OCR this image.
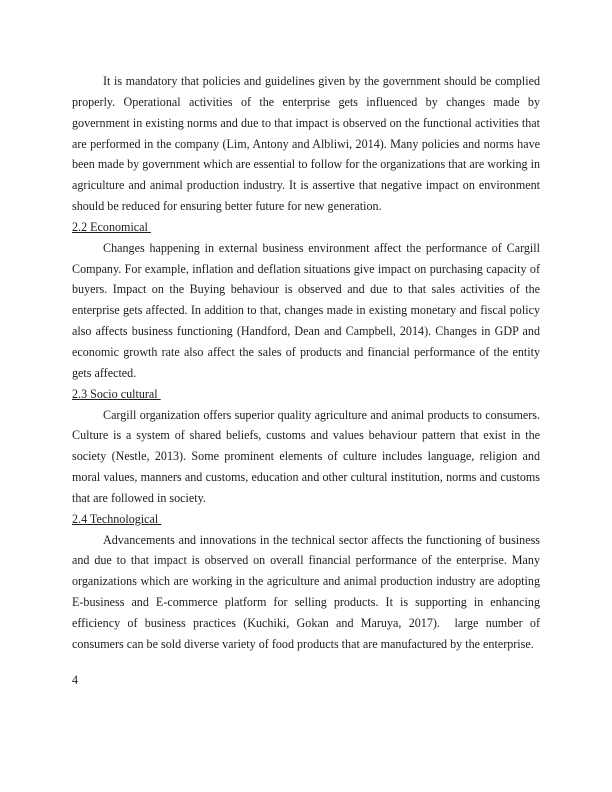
It is mandatory that policies and guidelines given by the government should be complied properly. Operational activities of the enterprise gets influenced by changes made by government in existing norms and due to that impact is observed on the functional activities that are performed in the company (Lim, Antony and Albliwi, 2014). Many policies and norms have been made by government which are essential to follow for the organizations that are working in agriculture and animal production industry. It is assertive that negative impact on environment should be reduced for ensuring better future for new generation.

2.2 Economical

Changes happening in external business environment affect the performance of Cargill Company. For example, inflation and deflation situations give impact on purchasing capacity of buyers. Impact on the Buying behaviour is observed and due to that sales activities of the enterprise gets affected. In addition to that, changes made in existing monetary and fiscal policy also affects business functioning (Handford, Dean and Campbell, 2014). Changes in GDP and economic growth rate also affect the sales of products and financial performance of the entity gets affected.

2.3 Socio cultural

Cargill organization offers superior quality agriculture and animal products to consumers. Culture is a system of shared beliefs, customs and values behaviour pattern that exist in the society (Nestle, 2013). Some prominent elements of culture includes language, religion and moral values, manners and customs, education and other cultural institution, norms and customs that are followed in society.

2.4 Technological

Advancements and innovations in the technical sector affects the functioning of business and due to that impact is observed on overall financial performance of the enterprise. Many organizations which are working in the agriculture and animal production industry are adopting E-business and E-commerce platform for selling products. It is supporting in enhancing efficiency of business practices (Kuchiki, Gokan and Maruya, 2017).  large number of consumers can be sold diverse variety of food products that are manufactured by the enterprise.

4
